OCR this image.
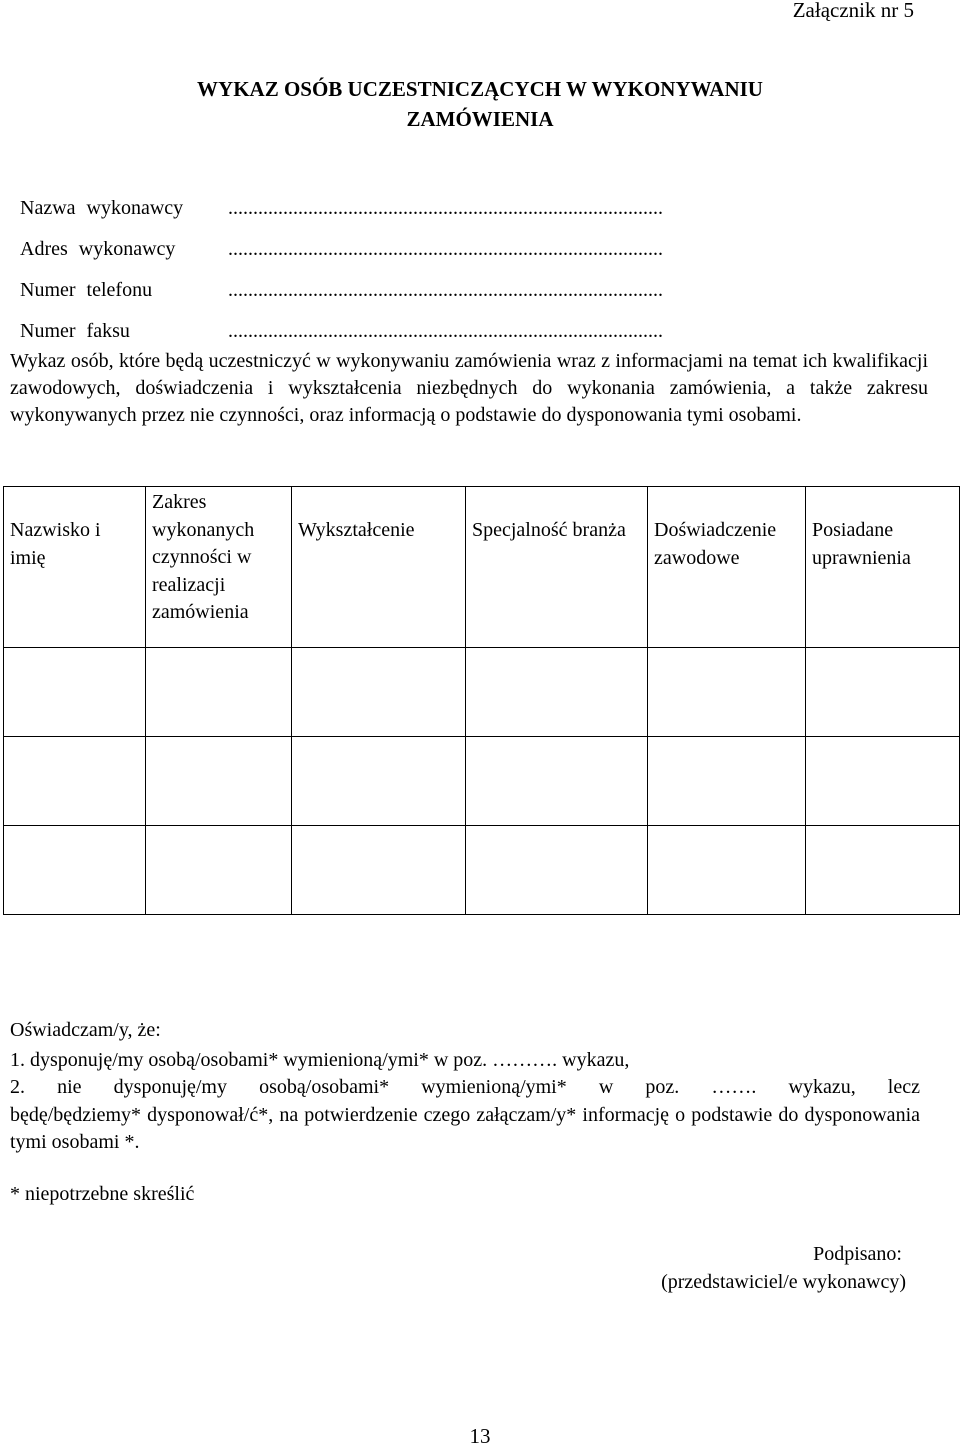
Załącznik nr 5
WYKAZ OSÓB UCZESTNICZĄCYCH W WYKONYWANIU
ZAMÓWIENIA

Nazwa wykonawcy .......................................................................................

Adres wykonawcy	.......................................................................................

Numer telefonu	.......................................................................................

Numer faksu	.......................................................................................

Wykaz osób, które będą uczestniczyć w wykonywaniu zamówienia wraz z informacjami na temat ich kwalifikacji zawodowych, doświadczenia i wykształcenia niezbędnych do wykonania zamówienia, a także zakresu wykonywanych przez nie czynności, oraz informacją o podstawie do dysponowania tymi osobami.
Nazwisko i imię	Zakres wykonanych czynności w realizacji zamówienia	Wykształcenie	Specjalność branża	Doświadczenie zawodowe	Posiadane uprawnienia

Oświadczam/y, że:
1. dysponuję/my osobą/osobami* wymienioną/ymi* w poz. ………. wykazu,
2. nie dysponuję/my osobą/osobami* wymienioną/ymi* w poz. ……. wykazu, lecz
będę/będziemy* dysponował/ć*, na potwierdzenie czego załączam/y* informację o podstawie do dysponowania tymi osobami *.
* niepotrzebne skreślić
Podpisano:
(przedstawiciel/e wykonawcy)
13
